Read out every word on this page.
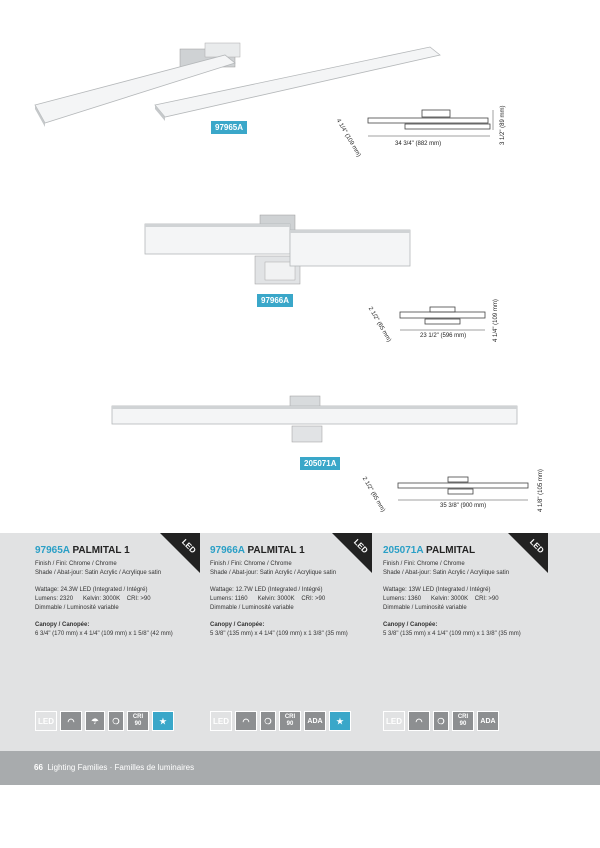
97965A
34 3/4" (882 mm)
4 1/4" (109 mm)	3 1/2" (89 mm)
97966A
23 1/2" (596 mm)
2 1/2" (65 mm)	4 1/4" (109 mm)
205071A
35 3/8" (900 mm)
2 1/2" (65 mm)	4 1/8" (105 mm)
LED	LED	LED
97965A PALMITAL 1
Finish / Fini: Chrome / Chrome
Shade / Abat-jour: Satin Acrylic / Acrylique satin
Wattage: 24.3W LED (Integrated / Intégré)
Lumens: 2320 Kelvin: 3000K CRI: >90
Dimmable / Luminosité variable
Canopy / Canopée:
6 3/4" (170 mm) x 4 1/4" (109 mm) x 1 5/8" (42 mm)
97966A PALMITAL 1
Finish / Fini: Chrome / Chrome
Shade / Abat-jour: Satin Acrylic / Acrylique satin
Wattage: 12.7W LED (Integrated / Intégré)
Lumens: 1160 Kelvin: 3000K CRI: >90
Dimmable / Luminosité variable
Canopy / Canopée:
5 3/8" (135 mm) x 4 1/4" (109 mm) x 1 3/8" (35 mm)
205071A PALMITAL
Finish / Fini: Chrome / Chrome
Shade / Abat-jour: Satin Acrylic / Acrylique satin
Wattage: 13W LED (Integrated / Intégré)
Lumens: 1360 Kelvin: 3000K CRI: >90
Dimmable / Luminosité variable
Canopy / Canopée:
5 3/8" (135 mm) x 4 1/4" (109 mm) x 1 3/8" (35 mm)
LED	◠	☂	❍	CRI
90	★	LED	◠	❍	CRI
90	ADA	★	LED	◠	❍	CRI
90	ADA
66 Lighting Families · Familles de luminaires
